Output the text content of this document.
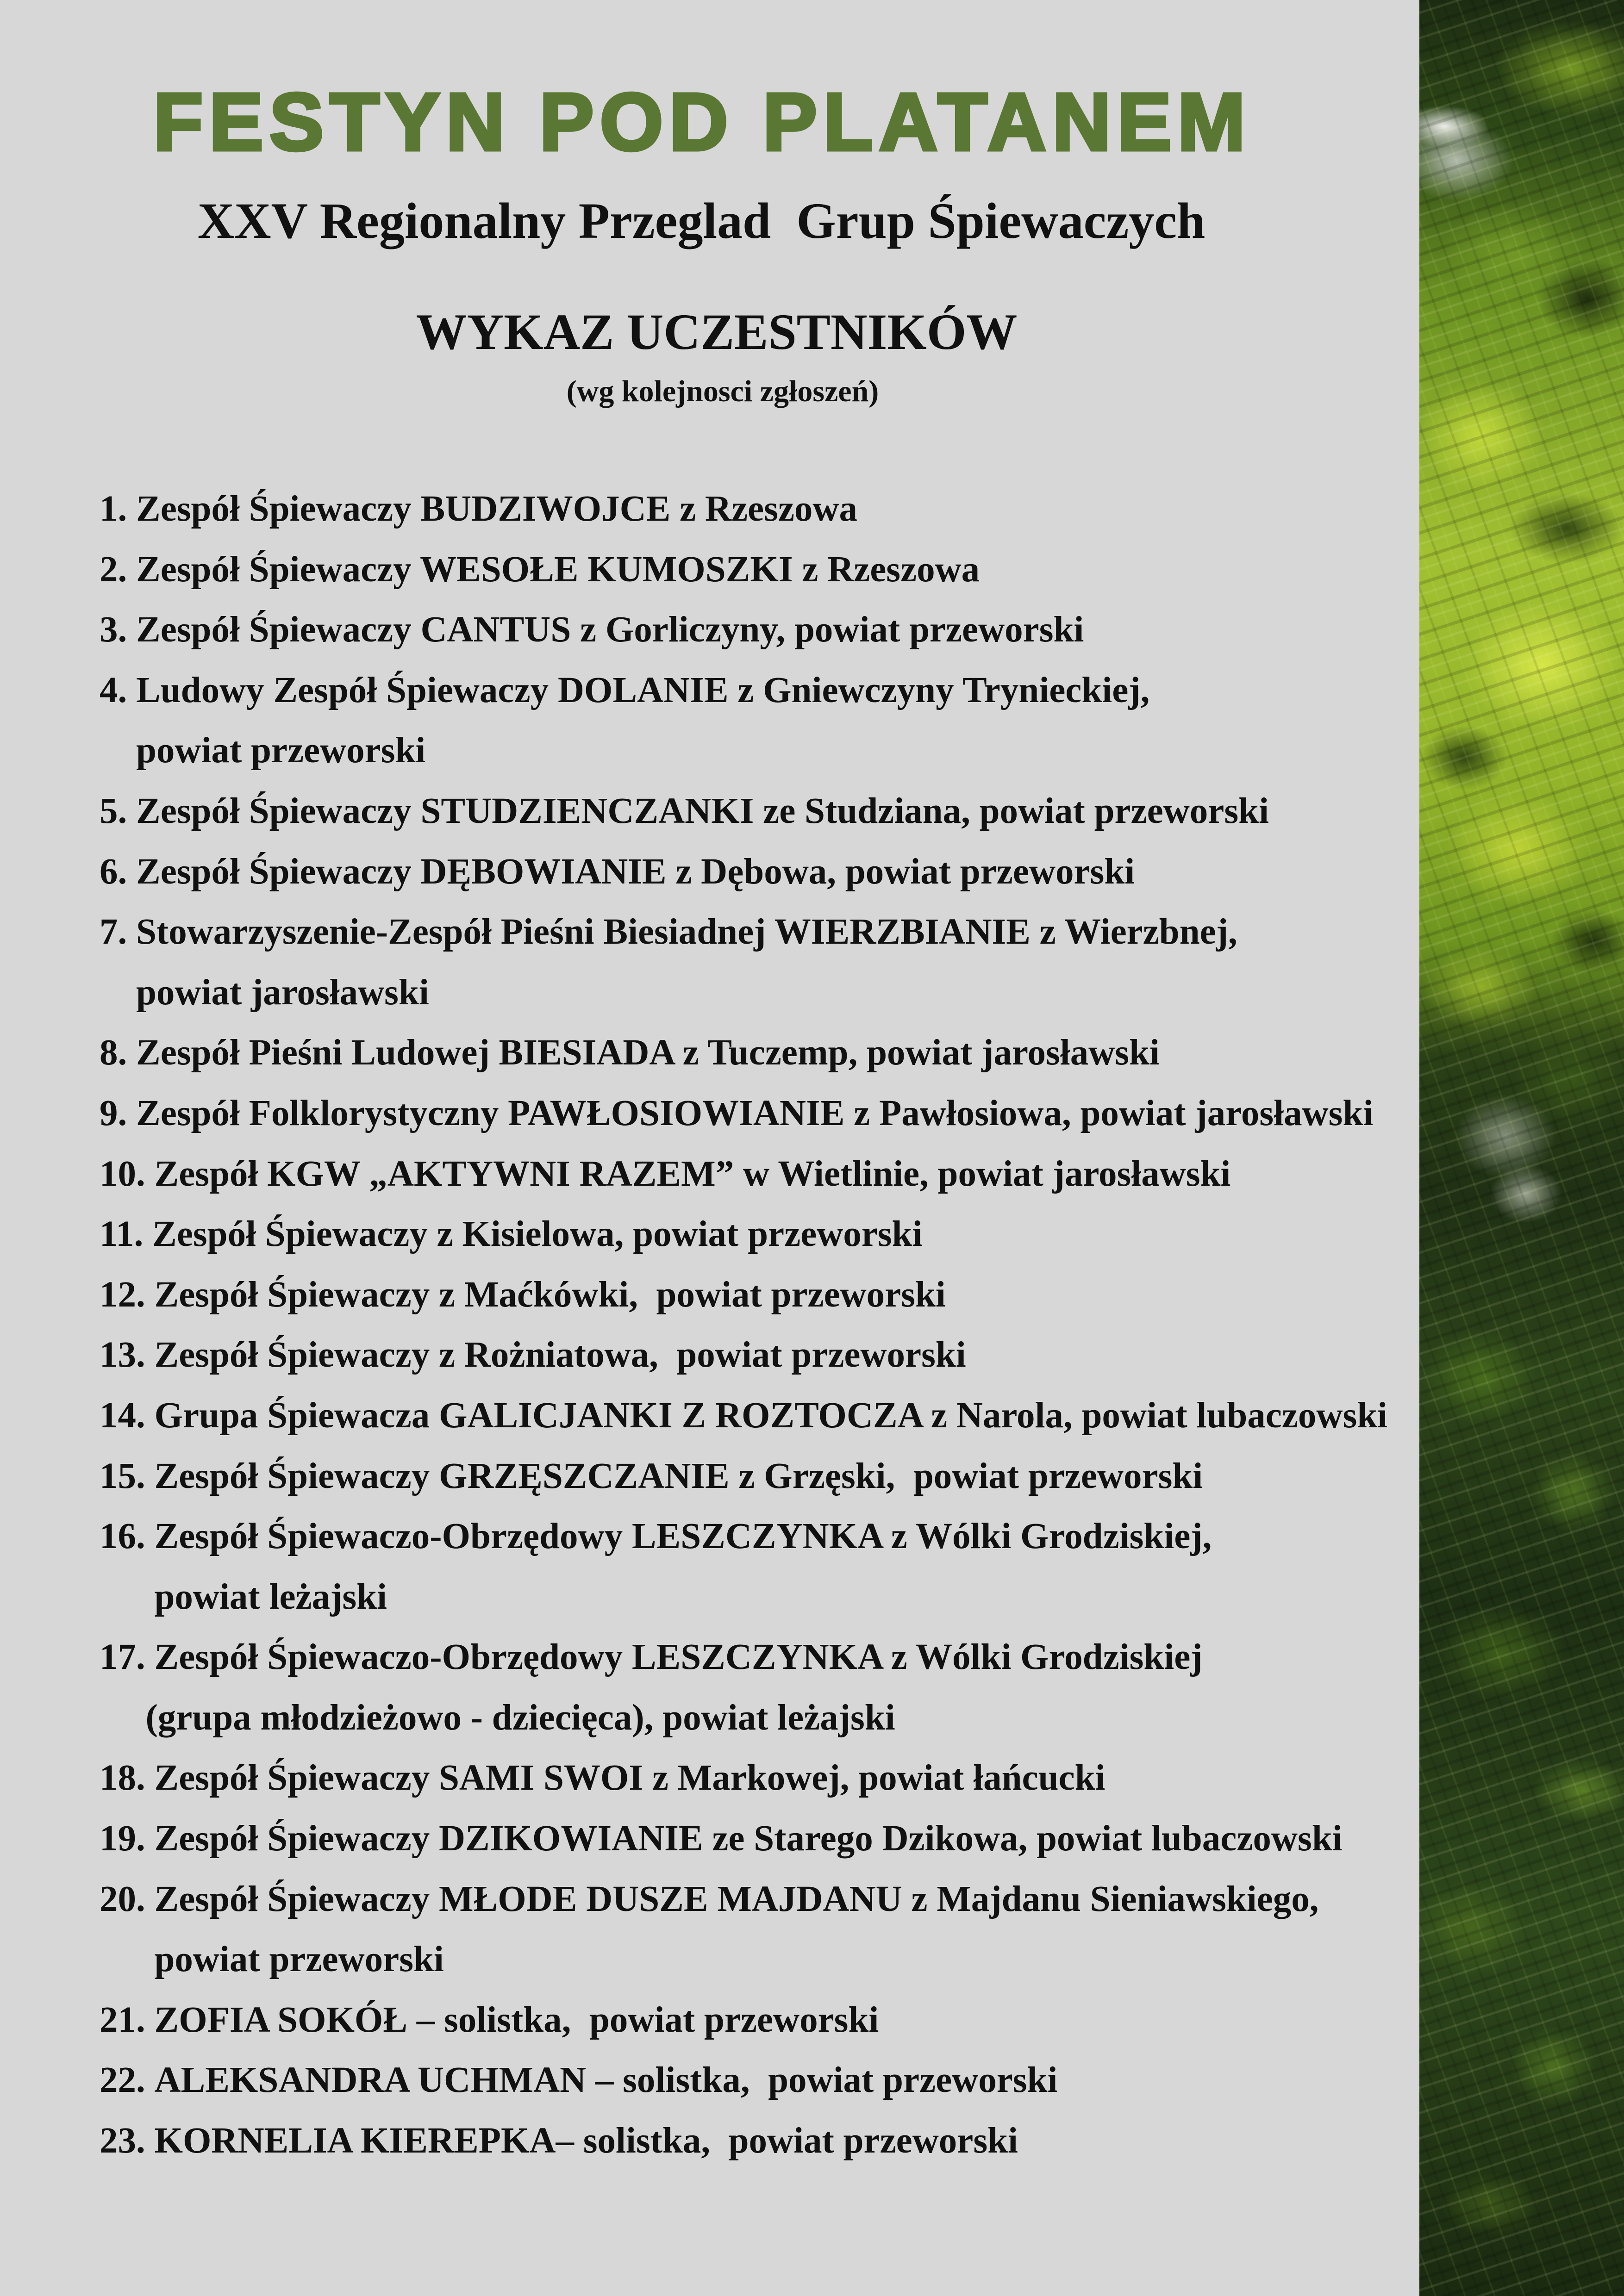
FESTYN POD PLATANEM
XXV Regionalny Przeglad  Grup Śpiewaczych
WYKAZ UCZESTNIKÓW
(wg kolejnosci zgłoszeń)
1. Zespół Śpiewaczy BUDZIWOJCE z Rzeszowa
2. Zespół Śpiewaczy WESOŁE KUMOSZKI z Rzeszowa
3. Zespół Śpiewaczy CANTUS z Gorliczyny, powiat przeworski
4. Ludowy Zespół Śpiewaczy DOLANIE z Gniewczyny Trynieckiej,
powiat przeworski
5. Zespół Śpiewaczy STUDZIENCZANKI ze Studziana, powiat przeworski
6. Zespół Śpiewaczy DĘBOWIANIE z Dębowa, powiat przeworski
7. Stowarzyszenie-Zespół Pieśni Biesiadnej WIERZBIANIE z Wierzbnej,
powiat jarosławski
8. Zespół Pieśni Ludowej BIESIADA z Tuczemp, powiat jarosławski
9. Zespół Folklorystyczny PAWŁOSIOWIANIE z Pawłosiowa, powiat jarosławski
10. Zespół KGW „AKTYWNI RAZEM” w Wietlinie, powiat jarosławski
11. Zespół Śpiewaczy z Kisielowa, powiat przeworski
12. Zespół Śpiewaczy z Maćkówki,  powiat przeworski
13. Zespół Śpiewaczy z Rożniatowa,  powiat przeworski
14. Grupa Śpiewacza GALICJANKI Z ROZTOCZA z Narola, powiat lubaczowski
15. Zespół Śpiewaczy GRZĘSZCZANIE z Grzęski,  powiat przeworski
16. Zespół Śpiewaczo-Obrzędowy LESZCZYNKA z Wólki Grodziskiej,
powiat leżajski
17. Zespół Śpiewaczo-Obrzędowy LESZCZYNKA z Wólki Grodziskiej
(grupa młodzieżowo - dziecięca), powiat leżajski
18. Zespół Śpiewaczy SAMI SWOI z Markowej, powiat łańcucki
19. Zespół Śpiewaczy DZIKOWIANIE ze Starego Dzikowa, powiat lubaczowski
20. Zespół Śpiewaczy MŁODE DUSZE MAJDANU z Majdanu Sieniawskiego,
powiat przeworski
21. ZOFIA SOKÓŁ – solistka,  powiat przeworski
22. ALEKSANDRA UCHMAN – solistka,  powiat przeworski
23. KORNELIA KIEREPKA– solistka,  powiat przeworski
